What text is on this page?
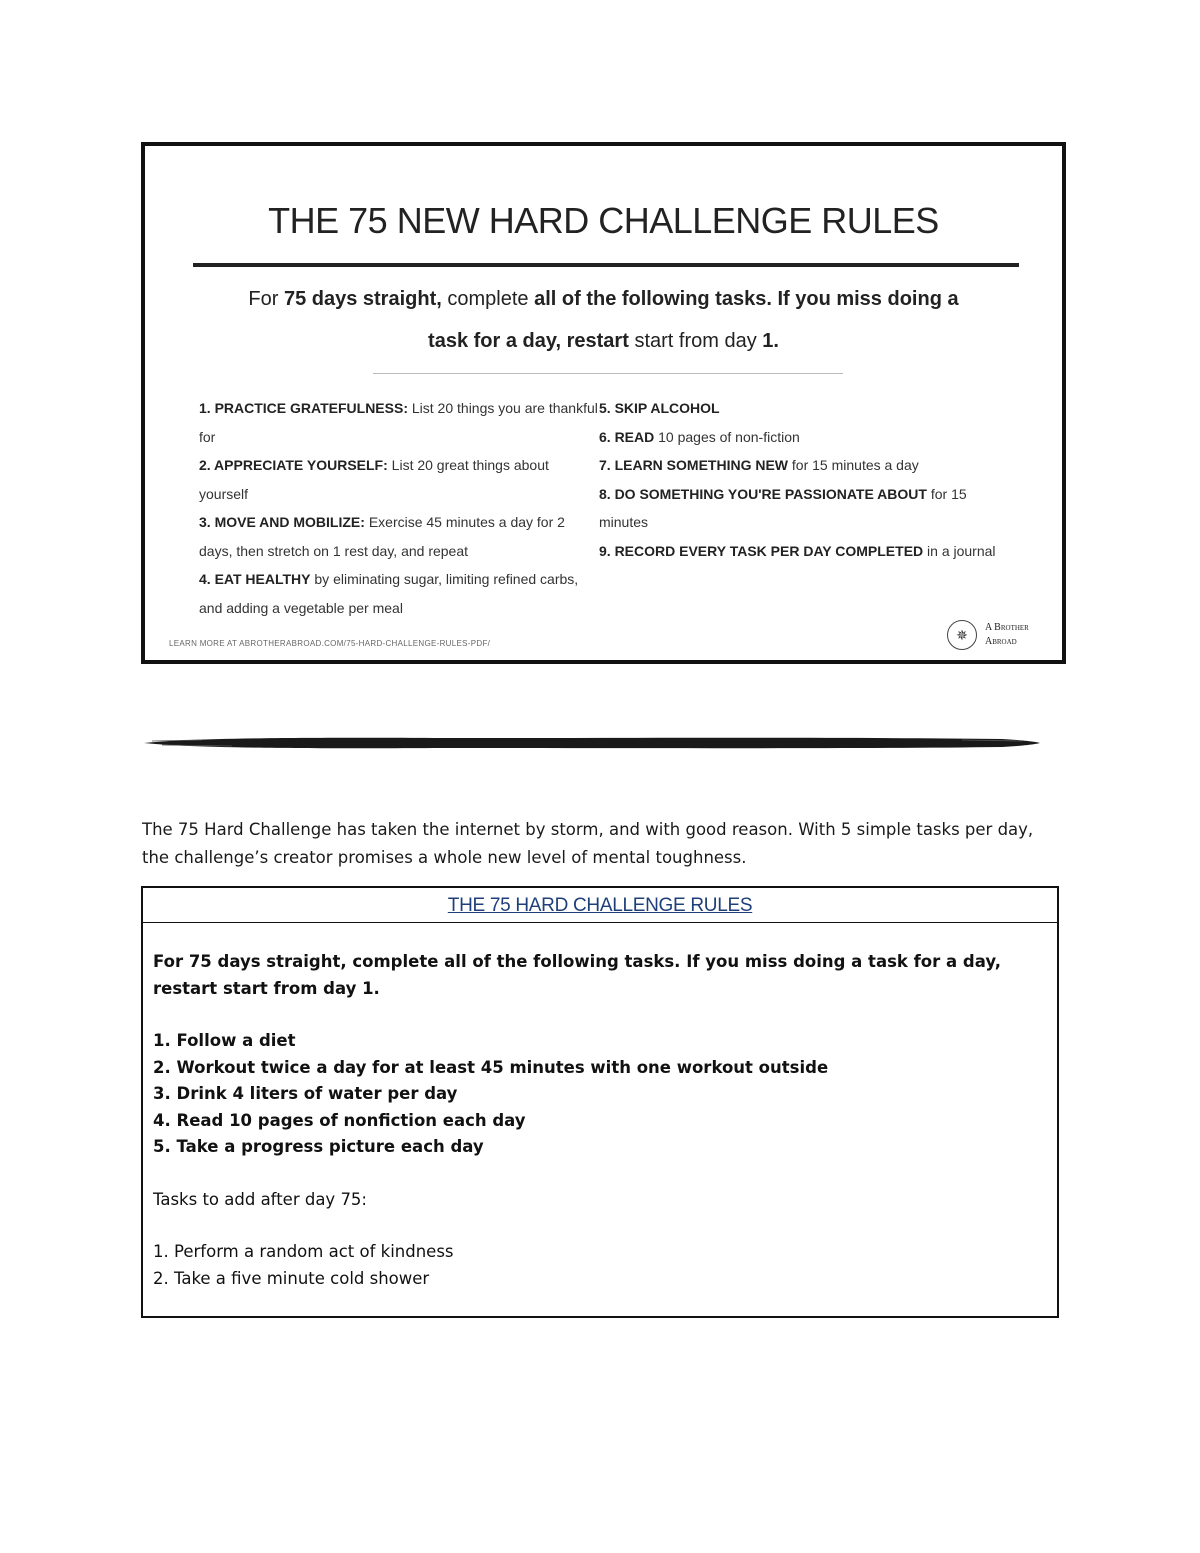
THE 75 NEW HARD CHALLENGE RULES
For 75 days straight, complete all of the following tasks. If you miss doing a
task for a day, restart start from day 1.
1. PRACTICE GRATEFULNESS: List 20 things you are thankful for
2. APPRECIATE YOURSELF: List 20 great things about yourself
3. MOVE AND MOBILIZE: Exercise 45 minutes a day for 2 days, then stretch on 1 rest day, and repeat
4. EAT HEALTHY by eliminating sugar, limiting refined carbs, and adding a vegetable per meal
5. SKIP ALCOHOL
6. READ 10 pages of non-fiction
7. LEARN SOMETHING NEW for 15 minutes a day
8. DO SOMETHING YOU'RE PASSIONATE ABOUT for 15 minutes
9. RECORD EVERY TASK PER DAY COMPLETED in a journal
LEARN MORE AT ABROTHERABROAD.COM/75-HARD-CHALLENGE-RULES-PDF/
✵	A Brother
Abroad

The 75 Hard Challenge has taken the internet by storm, and with good reason. With 5 simple tasks per day, the challenge’s creator promises a whole new level of mental toughness.

THE 75 HARD CHALLENGE RULES
For 75 days straight, complete all of the following tasks. If you miss doing a task for a day, restart start from day 1.
1. Follow a diet
2. Workout twice a day for at least 45 minutes with one workout outside
3. Drink 4 liters of water per day
4. Read 10 pages of nonfiction each day
5. Take a progress picture each day
Tasks to add after day 75:
1. Perform a random act of kindness
2. Take a five minute cold shower
